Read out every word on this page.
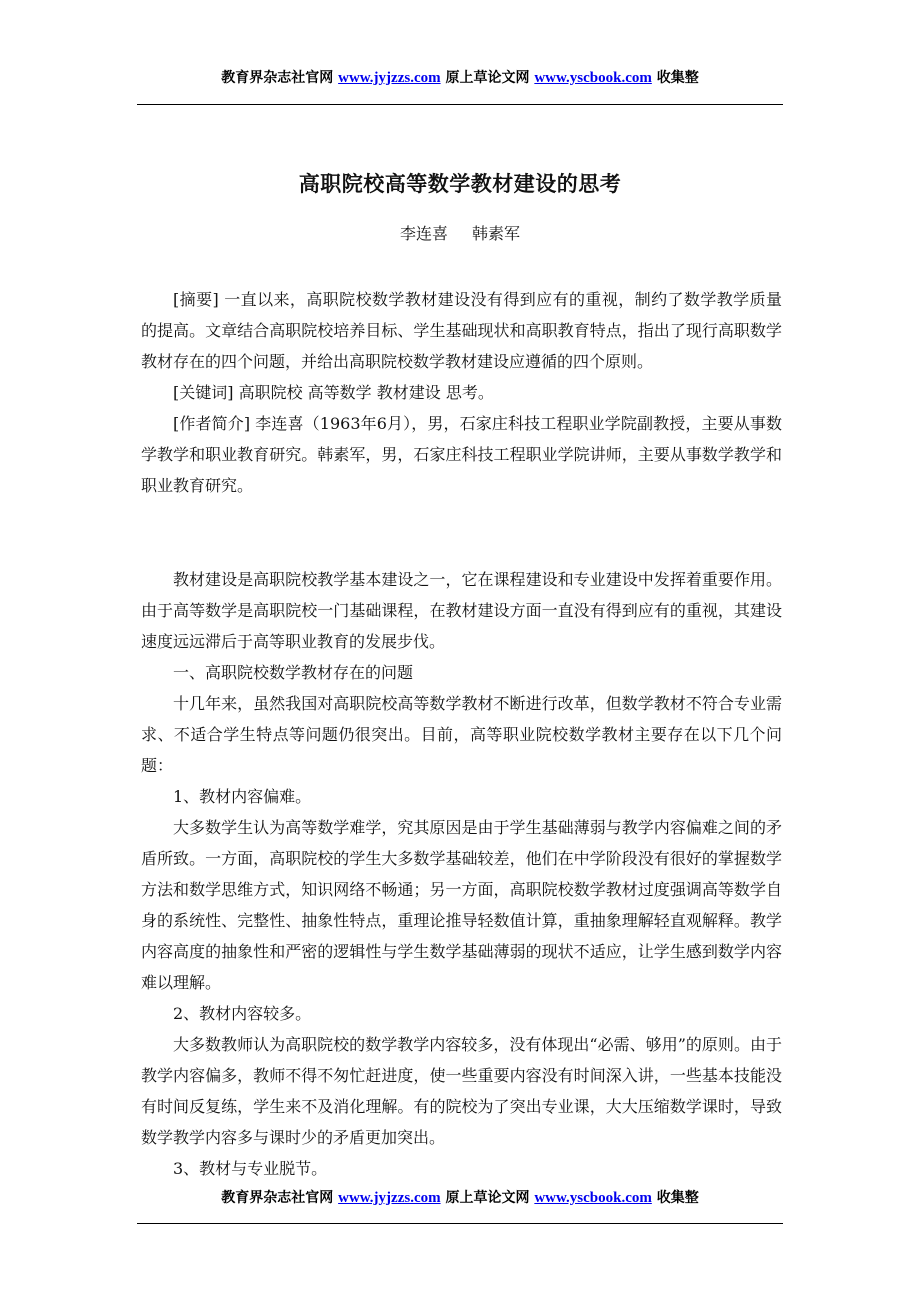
教育界杂志社官网 www.jyjzzs.com 原上草论文网 www.yscbook.com 收集整
高职院校高等数学教材建设的思考
李连喜 韩素军

[摘要] 一直以来，高职院校数学教材建设没有得到应有的重视，制约了数学教学质量的提高。文章结合高职院校培养目标、学生基础现状和高职教育特点，指出了现行高职数学教材存在的四个问题，并给出高职院校数学教材建设应遵循的四个原则。

[关键词] 高职院校 高等数学 教材建设 思考。

[作者简介] 李连喜（1963年6月），男，石家庄科技工程职业学院副教授，主要从事数学教学和职业教育研究。韩素军，男，石家庄科技工程职业学院讲师，主要从事数学教学和职业教育研究。

教材建设是高职院校教学基本建设之一，它在课程建设和专业建设中发挥着重要作用。由于高等数学是高职院校一门基础课程，在教材建设方面一直没有得到应有的重视，其建设速度远远滞后于高等职业教育的发展步伐。

一、高职院校数学教材存在的问题

十几年来，虽然我国对高职院校高等数学教材不断进行改革，但数学教材不符合专业需求、不适合学生特点等问题仍很突出。目前，高等职业院校数学教材主要存在以下几个问题：

1、教材内容偏难。

大多数学生认为高等数学难学，究其原因是由于学生基础薄弱与教学内容偏难之间的矛盾所致。一方面，高职院校的学生大多数学基础较差，他们在中学阶段没有很好的掌握数学方法和数学思维方式，知识网络不畅通；另一方面，高职院校数学教材过度强调高等数学自身的系统性、完整性、抽象性特点，重理论推导轻数值计算，重抽象理解轻直观解释。教学内容高度的抽象性和严密的逻辑性与学生数学基础薄弱的现状不适应，让学生感到数学内容难以理解。

2、教材内容较多。

大多数教师认为高职院校的数学教学内容较多，没有体现出“必需、够用”的原则。由于教学内容偏多，教师不得不匆忙赶进度，使一些重要内容没有时间深入讲，一些基本技能没有时间反复练，学生来不及消化理解。有的院校为了突出专业课，大大压缩数学课时，导致数学教学内容多与课时少的矛盾更加突出。

3、教材与专业脱节。

教育界杂志社官网 www.jyjzzs.com 原上草论文网 www.yscbook.com 收集整
